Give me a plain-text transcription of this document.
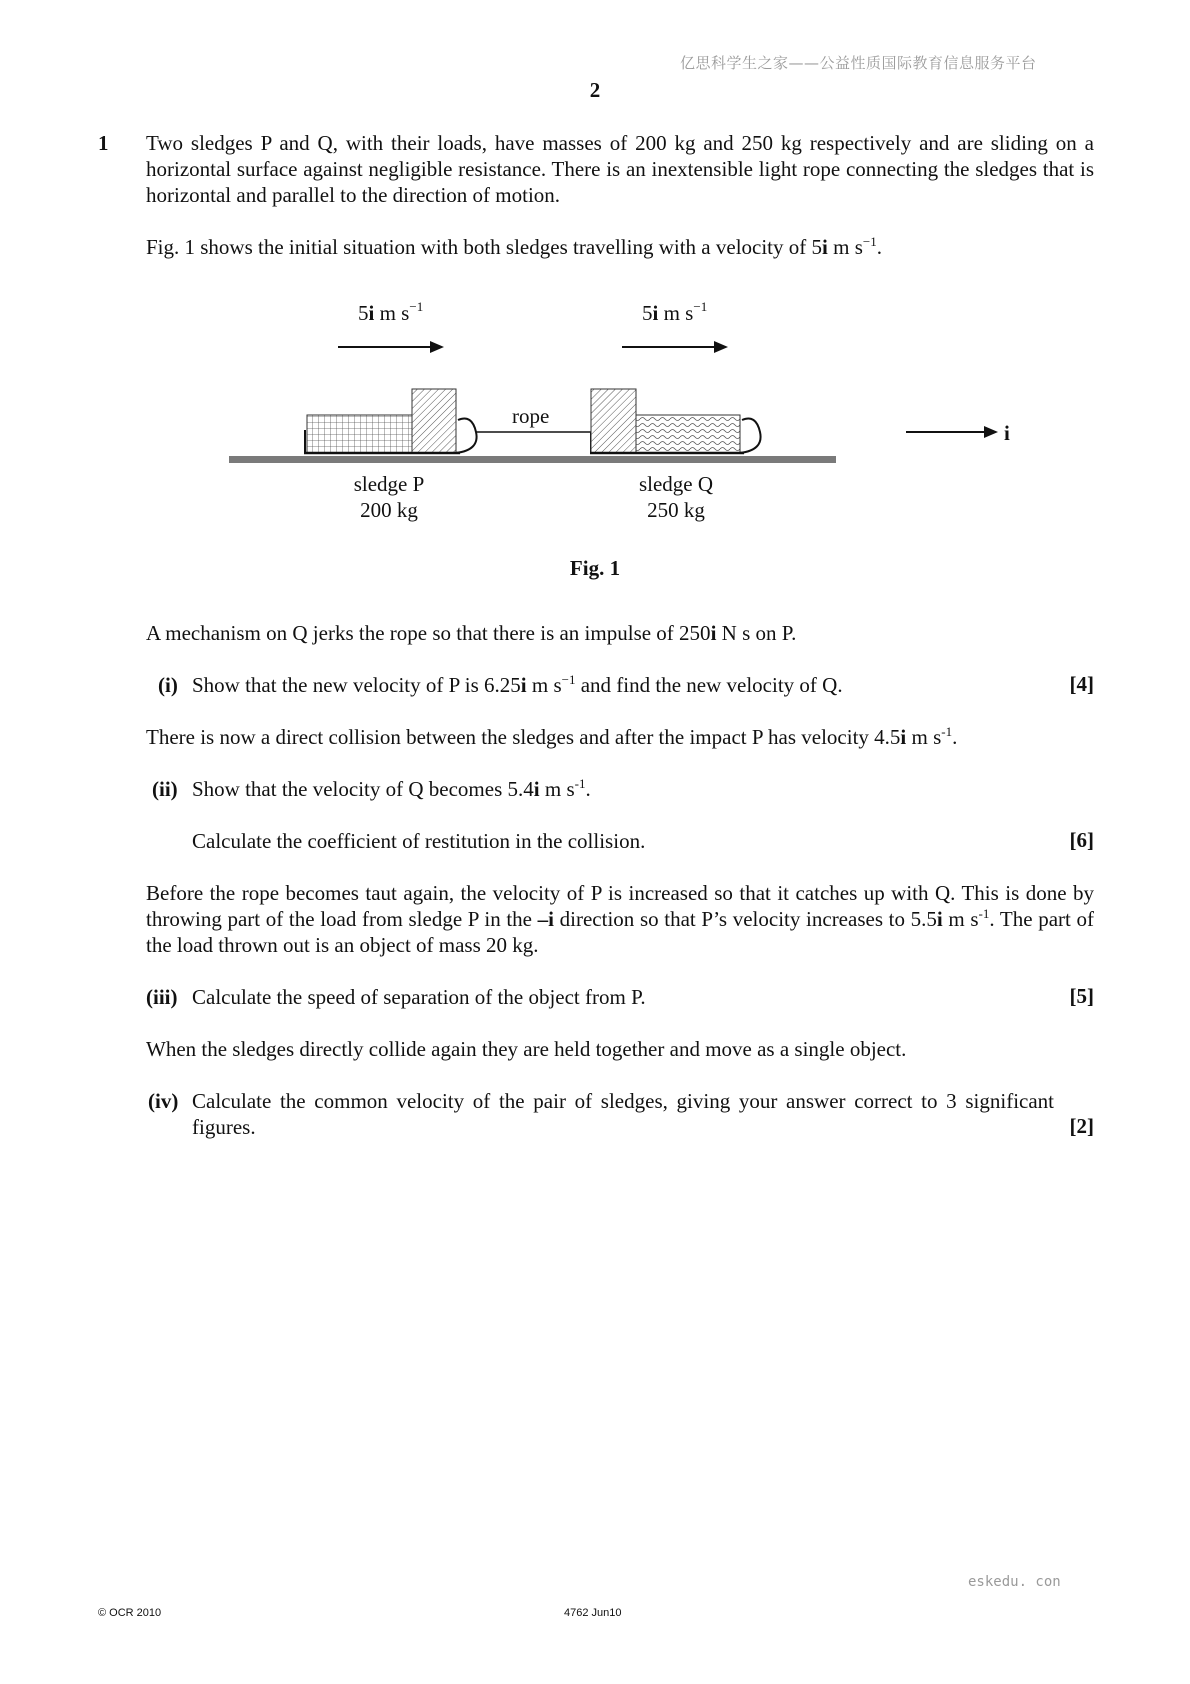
亿思科学生之家——公益性质国际教育信息服务平台
2
1 Two sledges P and Q, with their loads, have masses of 200 kg and 250 kg respectively and are sliding on a horizontal surface against negligible resistance. There is an inextensible light rope connecting the sledges that is horizontal and parallel to the direction of motion.
Fig. 1 shows the initial situation with both sledges travelling with a velocity of 5i m $s^{-1}$.
5i m $s^{-1}$	5i m $s^{-1}$
rope
sledge P
200 kg
sledge Q
250 kg
i
Fig. 1
A mechanism on Q jerks the rope so that there is an impulse of 250i N s on P.
(i) Show that the new velocity of P is 6.25i m $s^{-1}$ and find the new velocity of Q.	[4]
There is now a direct collision between the sledges and after the impact P has velocity 4.5i m $s^{-1}$.
(ii) Show that the velocity of Q becomes 5.4i m $s^{-1}$.
Calculate the coefficient of restitution in the collision.	[6]
Before the rope becomes taut again, the velocity of P is increased so that it catches up with Q. This is done by throwing part of the load from sledge P in the –i direction so that P’s velocity increases to 5.5i m $s^{-1}$. The part of the load thrown out is an object of mass 20 kg.
(iii) Calculate the speed of separation of the object from P.	[5]
When the sledges directly collide again they are held together and move as a single object.
(iv) Calculate the common velocity of the pair of sledges, giving your answer correct to 3 significant figures.	[2]
eskedu. con
© OCR 2010	4762 Jun10
